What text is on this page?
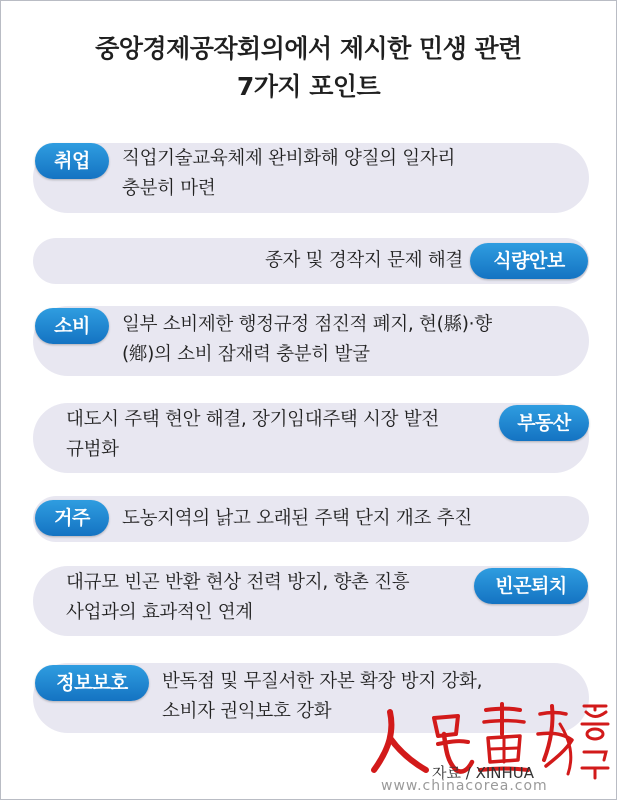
중앙경제공작회의에서 제시한 민생 관련
7가지 포인트
취업	직업기술교육체제 완비화해 양질의 일자리
충분히 마련
종자 및 경작지 문제 해결	식량안보
소비	일부 소비제한 행정규정 점진적 폐지, 현(縣)·향
(鄕)의 소비 잠재력 충분히 발굴
대도시 주택 현안 해결, 장기임대주택 시장 발전
규범화
부동산
거주	도농지역의 낡고 오래된 주택 단지 개조 추진
대규모 빈곤 반환 현상 전력 방지, 향촌 진흥
사업과의 효과적인 연계
빈곤퇴치
정보보호	반독점 및 무질서한 자본 확장 방지 강화,
소비자 권익보호 강화
자료 / XINHUA
www.chinacorea.com
